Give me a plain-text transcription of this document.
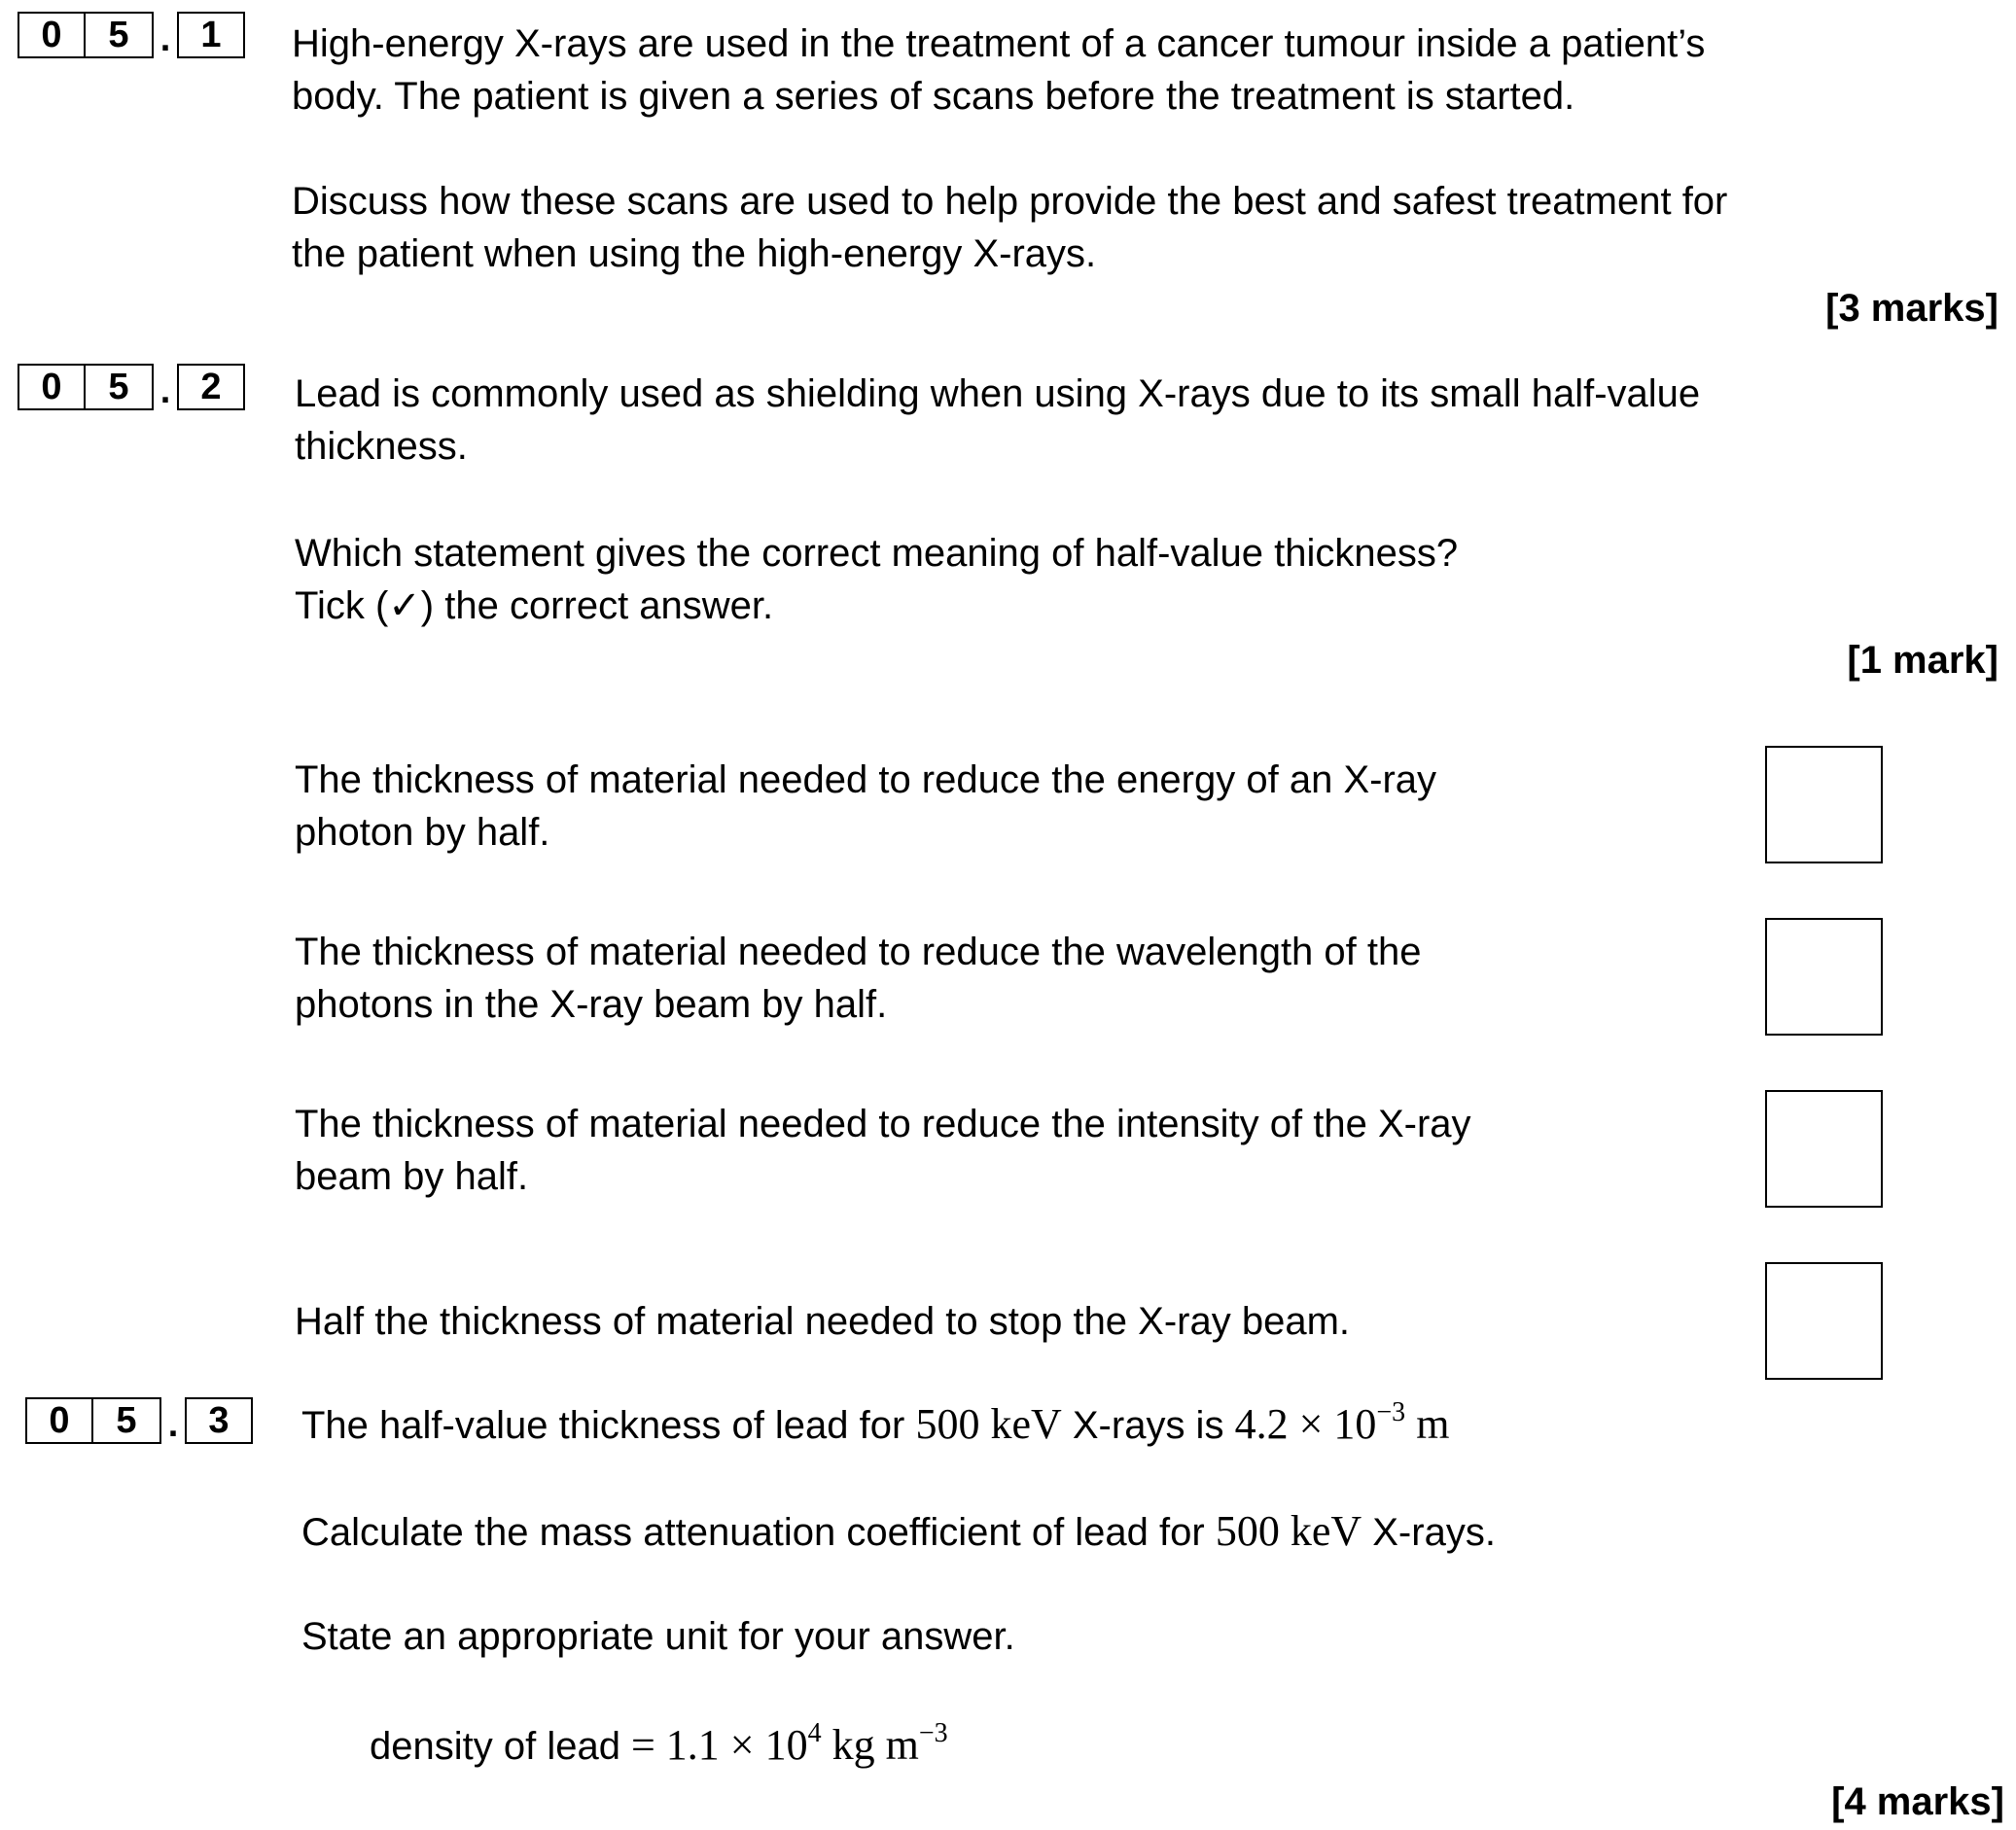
0	5 . 1	High-energy X-rays are used in the treatment of a cancer tumour inside a patient’s
body. The patient is given a series of scans before the treatment is started.
Discuss how these scans are used to help provide the best and safest treatment for
the patient when using the high-energy X-rays.
[3 marks]
0	5 . 2	Lead is commonly used as shielding when using X-rays due to its small half-value
thickness.
Which statement gives the correct meaning of half-value thickness?
Tick (✓) the correct answer.
[1 mark]
The thickness of material needed to reduce the energy of an X-ray
photon by half.
The thickness of material needed to reduce the wavelength of the
photons in the X-ray beam by half.
The thickness of material needed to reduce the intensity of the X-ray
beam by half.
Half the thickness of material needed to stop the X-ray beam.
0	5 . 3	The half-value thickness of lead for 500 keV X-rays is $4.2 \times 10^{-3}$ m
Calculate the mass attenuation coefficient of lead for 500 keV X-rays.
State an appropriate unit for your answer.
density of lead = $1.1 \times 10^4$ kg $m^{-3}$
[4 marks]
